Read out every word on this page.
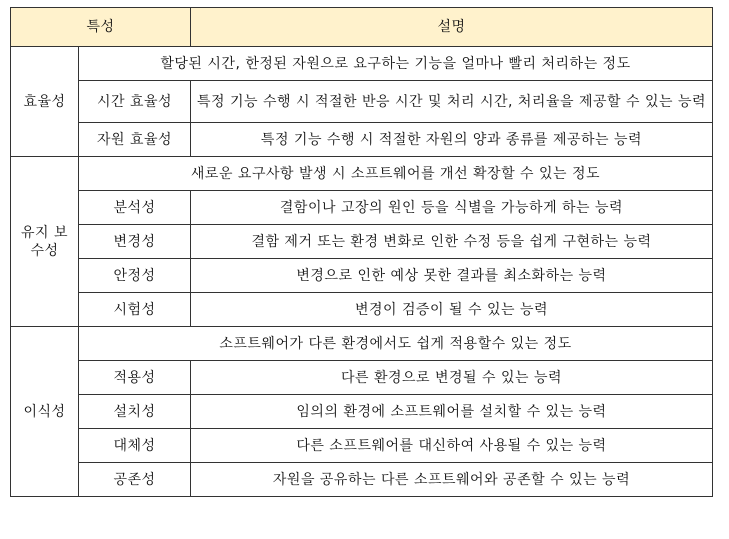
특성		설명
효율성	할당된 시간, 한정된 자원으로 요구하는 기능을 얼마나 빨리 처리하는 정도	
	시간 효율성	특정 기능 수행 시 적절한 반응 시간 및 처리 시간, 처리율을 제공할 수 있는 능력
	자원 효율성	특정 기능 수행 시 적절한 자원의 양과 종류를 제공하는 능력
유지 보수성	새로운 요구사항 발생 시 소프트웨어를 개선 확장할 수 있는 정도	
	분석성	결함이나 고장의 원인 등을 식별을 가능하게 하는 능력
	변경성	결함 제거 또는 환경 변화로 인한 수정 등을 쉽게 구현하는 능력
	안정성	변경으로 인한 예상 못한 결과를 최소화하는 능력
	시험성	변경이 검증이 될 수 있는 능력
이식성	소프트웨어가 다른 환경에서도 쉽게 적용할수 있는 정도	
	적용성	다른 환경으로 변경될 수 있는 능력
	설치성	임의의 환경에 소프트웨어를 설치할 수 있는 능력
	대체성	다른 소프트웨어를 대신하여 사용될 수 있는 능력
	공존성	자원을 공유하는 다른 소프트웨어와 공존할 수 있는 능력
